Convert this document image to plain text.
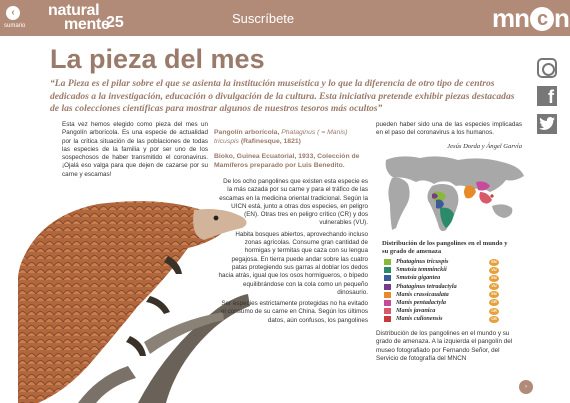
‹
sumario
natural
mente
25	Suscríbete	mn c n
La pieza del mes

“La Pieza es el pilar sobre el que se asienta la institución museística y lo que la diferencia de otro tipo de centros dedicados a la investigación, educación o divulgación de la cultura. Esta iniciativa pretende exhibir piezas destacadas de las colecciones científicas para mostrar algunos de nuestros tesoros más ocultos”

f

Esta vez hemos elegido como pieza del mes un Pangolín arborícola. Es una especie de actualidad por la crítica situación de las poblaciones de todas las especies de la familia y por ser uno de los sospechosos de haber transmitido el coronavirus. ¡Ojalá eso valga para que dejen de cazarse por su carne y escamas!

Pangolín arborícola, Phataginus ( = Manis) tricuspis (Rafinesque, 1821)
Bioko, Guinea Ecuatorial, 1933, Colección de Mamíferos preparado por Luis Benedito.

De los ocho pangolines que existen esta especie es la más cazada por su carne y para el tráfico de las escamas en la medicina oriental tradicional. Según la UICN está, junto a otras dos especies, en peligro (EN). Otras tres en peligro crítico (CR) y dos vulnerables (VU).

Habita bosques abiertos, aprovechando incluso zonas agrícolas. Consume gran cantidad de hormigas y termitas que caza con su lengua pegajosa. En tierra puede andar sobre las cuatro patas protegiendo sus garras al doblar los dedos hacia atrás, igual que los osos hormigueros, o bípedo equilibrándose con la cola como un pequeño dinosaurio.

Ser especies estrictamente protegidas no ha evitado el consumo de su carne en China. Según los últimos datos, aún confusos, los pangolines

pueden haber sido una de las especies implicadas en el paso del coronavirus a los humanos.

Jesús Dorda y Ángel Garvía

Distribución de los pangolines en el mundo y su grado de amenaza
Phataginus tricuspis	EN
Smutsia temminckii	VU
Smutsia gigantea	EN
Phataginus tetradactyla	VU
Manis crassicaudata	EN
Manis pentadactyla	CR
Manis javanica	CR
Manis culionensis	CR

Distribución de los pangolines en el mundo y su grado de amenaza. A la izquierda el pangolín del museo fotografiado por Fernando Señor, del Servicio de fotografía del MNCN

›
